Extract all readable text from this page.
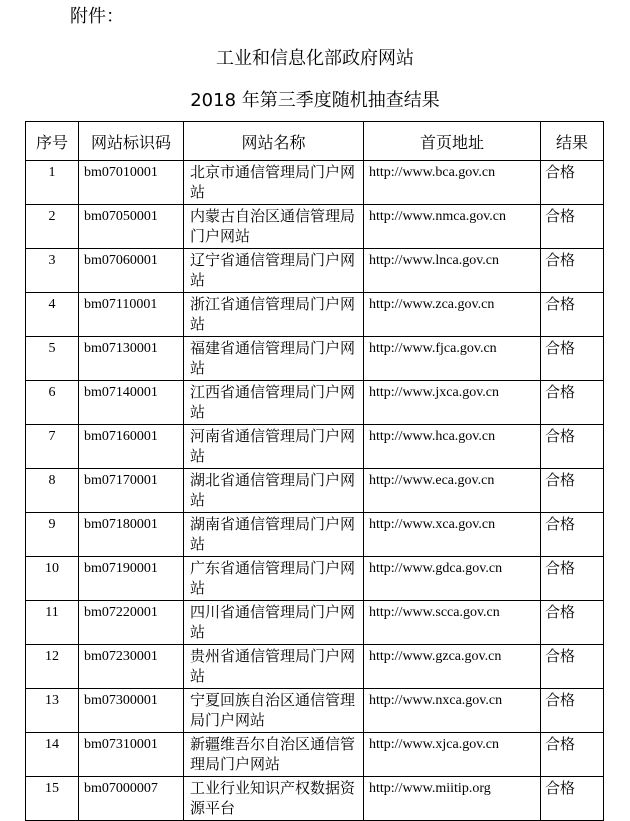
附件：
工业和信息化部政府网站
2018 年第三季度随机抽查结果
序号	网站标识码	网站名称	首页地址	结果
1	bm07010001	北京市通信管理局门户网站	http://www.bca.gov.cn	合格
2	bm07050001	内蒙古自治区通信管理局门户网站	http://www.nmca.gov.cn	合格
3	bm07060001	辽宁省通信管理局门户网站	http://www.lnca.gov.cn	合格
4	bm07110001	浙江省通信管理局门户网站	http://www.zca.gov.cn	合格
5	bm07130001	福建省通信管理局门户网站	http://www.fjca.gov.cn	合格
6	bm07140001	江西省通信管理局门户网站	http://www.jxca.gov.cn	合格
7	bm07160001	河南省通信管理局门户网站	http://www.hca.gov.cn	合格
8	bm07170001	湖北省通信管理局门户网站	http://www.eca.gov.cn	合格
9	bm07180001	湖南省通信管理局门户网站	http://www.xca.gov.cn	合格
10	bm07190001	广东省通信管理局门户网站	http://www.gdca.gov.cn	合格
11	bm07220001	四川省通信管理局门户网站	http://www.scca.gov.cn	合格
12	bm07230001	贵州省通信管理局门户网站	http://www.gzca.gov.cn	合格
13	bm07300001	宁夏回族自治区通信管理局门户网站	http://www.nxca.gov.cn	合格
14	bm07310001	新疆维吾尔自治区通信管理局门户网站	http://www.xjca.gov.cn	合格
15	bm07000007	工业行业知识产权数据资源平台	http://www.miitip.org	合格
